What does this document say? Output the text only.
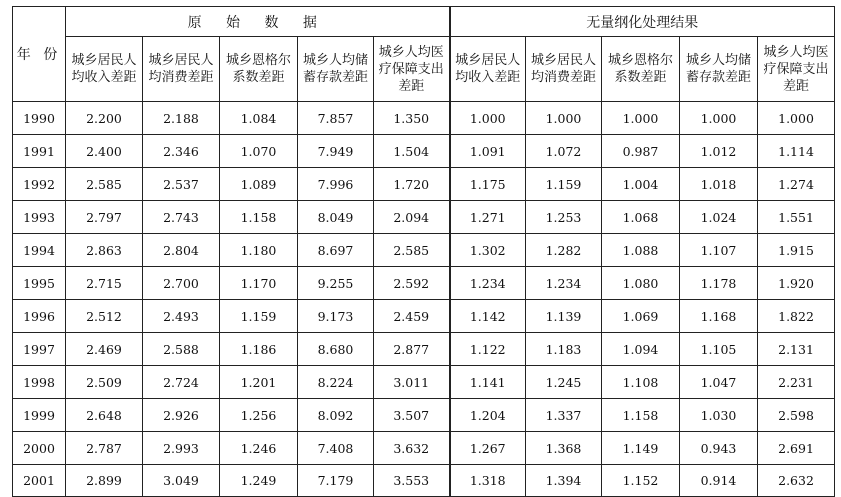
年 份	原 始 数 据					无量纲化处理结果				
	城乡居民人均收入差距	城乡居民人均消费差距	城乡恩格尔系数差距	城乡人均储蓄存款差距	城乡人均医疗保障支出差距	城乡居民人均收入差距	城乡居民人均消费差距	城乡恩格尔系数差距	城乡人均储蓄存款差距	城乡人均医疗保障支出差距
1990	2.200	2.188	1.084	7.857	1.350	1.000	1.000	1.000	1.000	1.000
1991	2.400	2.346	1.070	7.949	1.504	1.091	1.072	0.987	1.012	1.114
1992	2.585	2.537	1.089	7.996	1.720	1.175	1.159	1.004	1.018	1.274
1993	2.797	2.743	1.158	8.049	2.094	1.271	1.253	1.068	1.024	1.551
1994	2.863	2.804	1.180	8.697	2.585	1.302	1.282	1.088	1.107	1.915
1995	2.715	2.700	1.170	9.255	2.592	1.234	1.234	1.080	1.178	1.920
1996	2.512	2.493	1.159	9.173	2.459	1.142	1.139	1.069	1.168	1.822
1997	2.469	2.588	1.186	8.680	2.877	1.122	1.183	1.094	1.105	2.131
1998	2.509	2.724	1.201	8.224	3.011	1.141	1.245	1.108	1.047	2.231
1999	2.648	2.926	1.256	8.092	3.507	1.204	1.337	1.158	1.030	2.598
2000	2.787	2.993	1.246	7.408	3.632	1.267	1.368	1.149	0.943	2.691
2001	2.899	3.049	1.249	7.179	3.553	1.318	1.394	1.152	0.914	2.632
